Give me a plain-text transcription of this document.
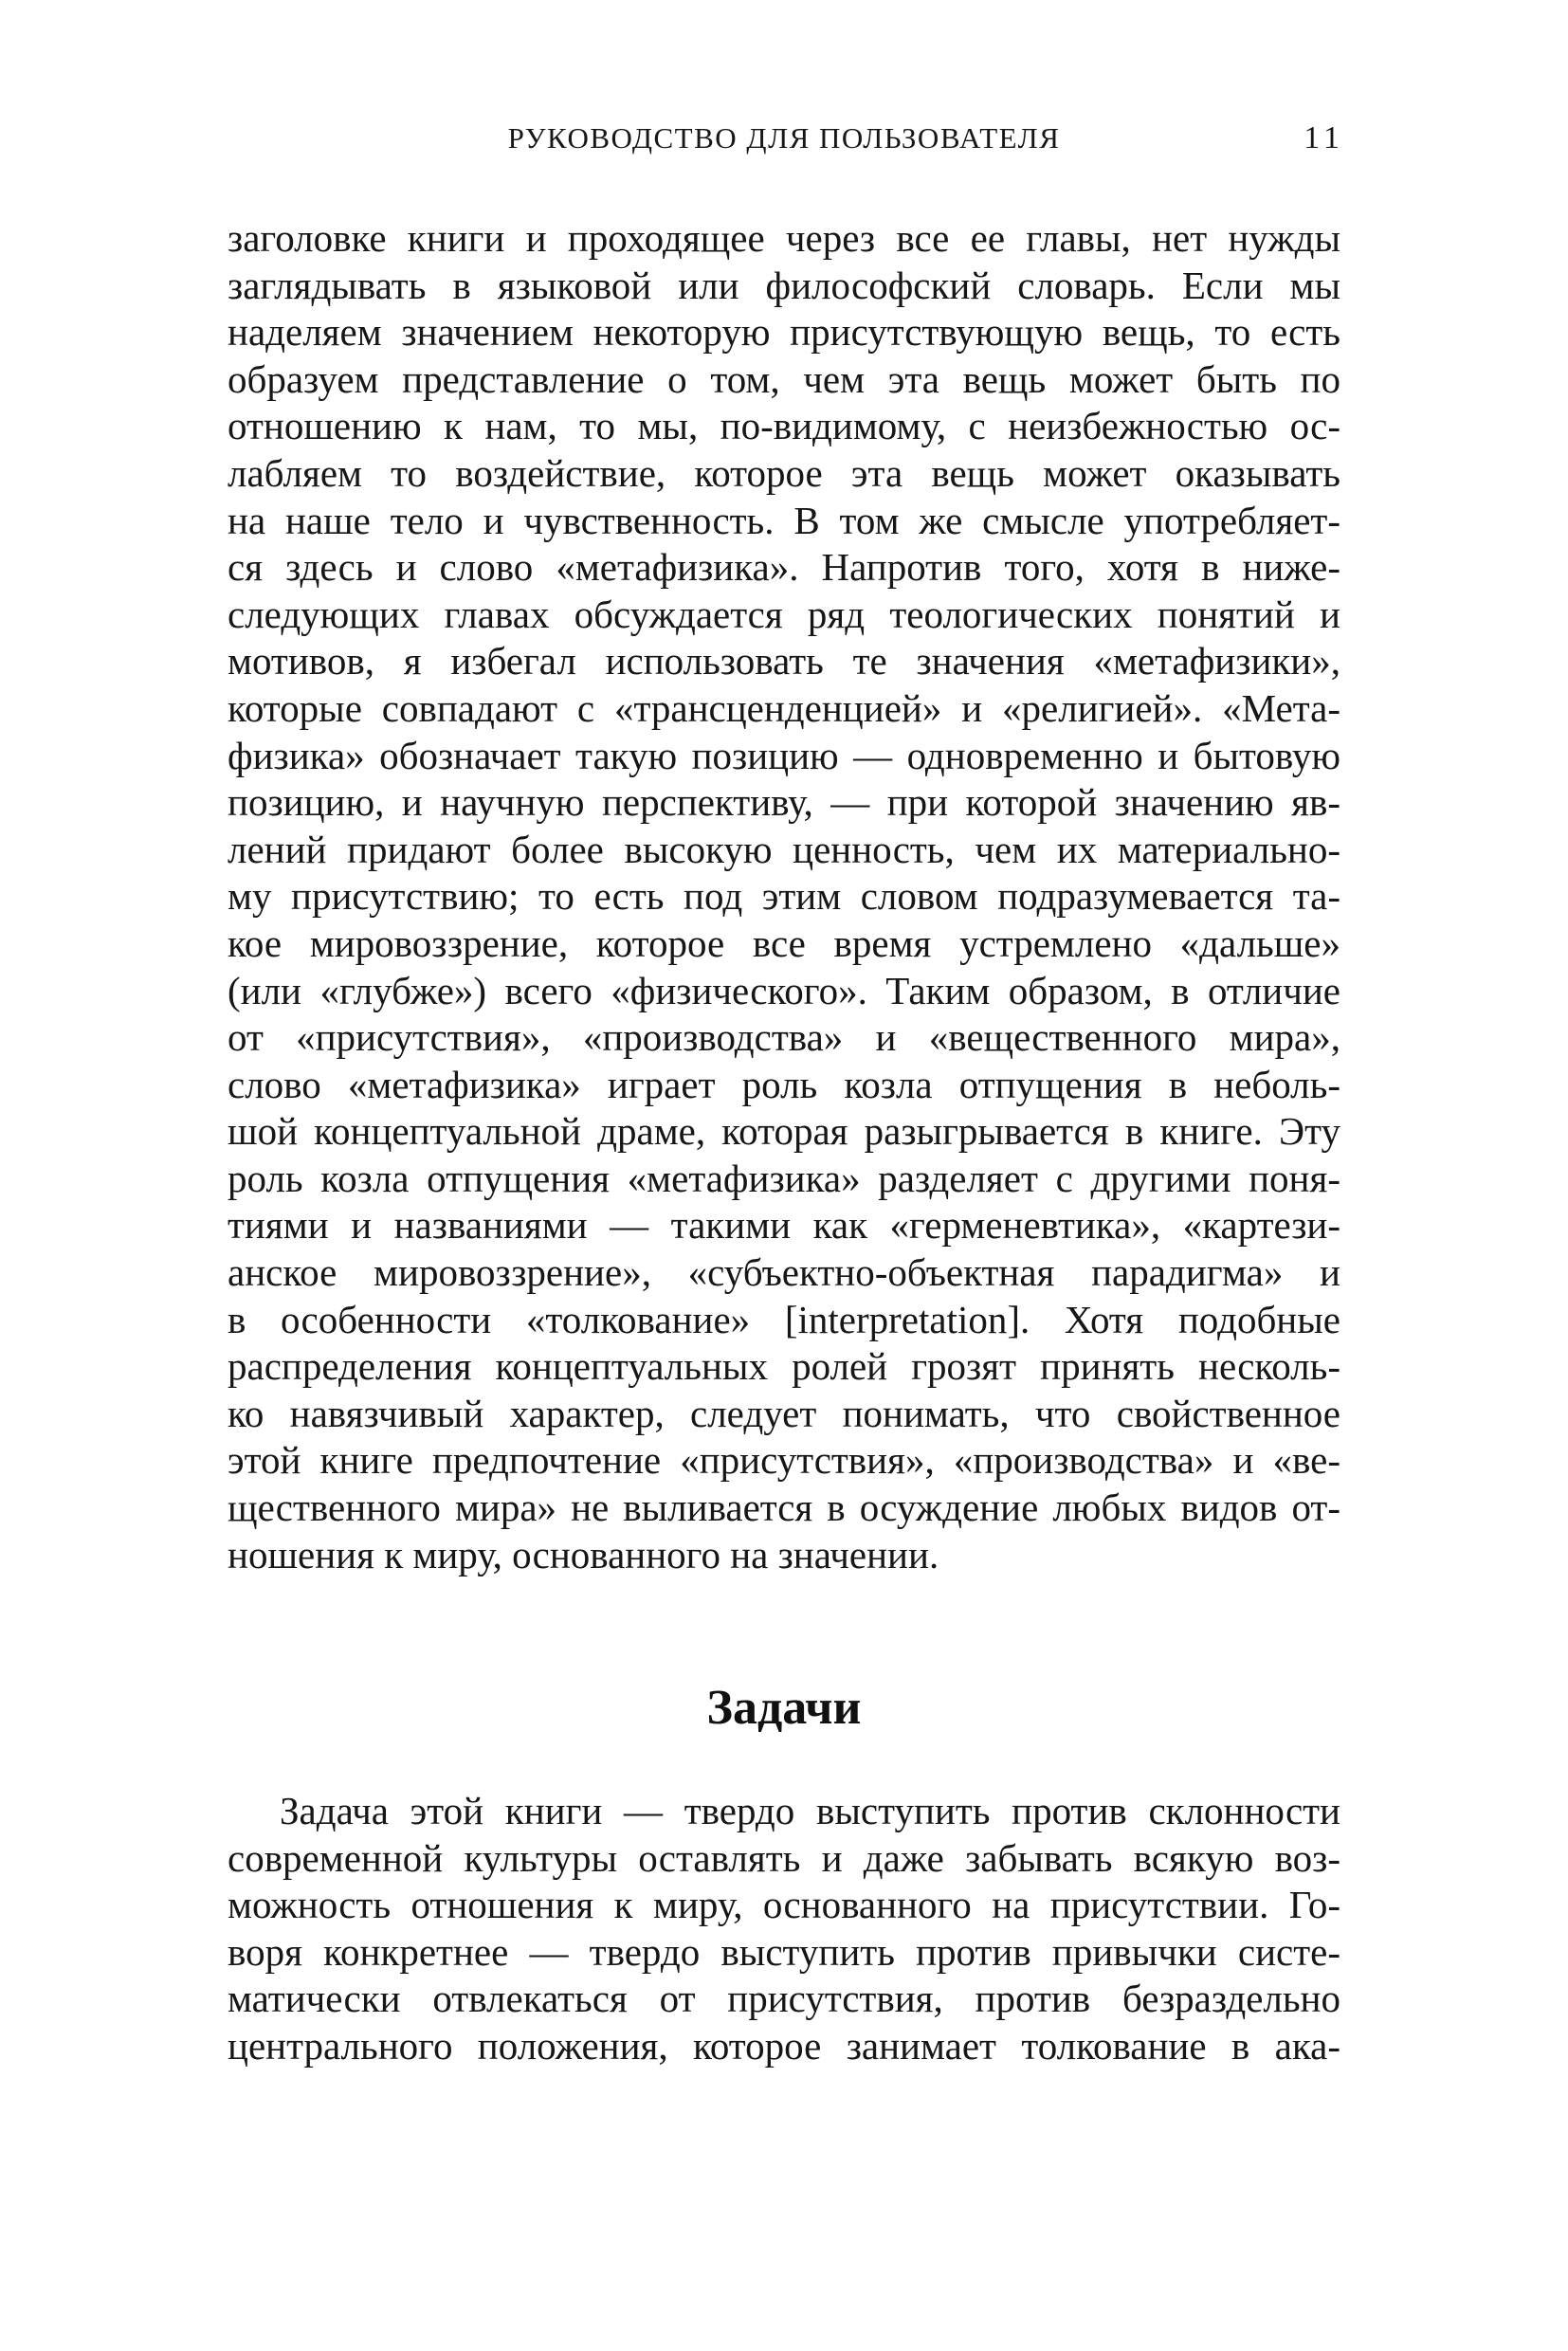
РУКОВОДСТВО ДЛЯ ПОЛЬЗОВАТЕЛЯ	11
заголовке книги и проходящее через все ее главы, нет нужды
заглядывать в языковой или философский словарь. Если мы
наделяем значением некоторую присутствующую вещь, то есть
образуем представление о том, чем эта вещь может быть по
отношению к нам, то мы, по-видимому, с неизбежностью ос-
лабляем то воздействие, которое эта вещь может оказывать
на наше тело и чувственность. В том же смысле употребляет-
ся здесь и слово «метафизика». Напротив того, хотя в ниже-
следующих главах обсуждается ряд теологических понятий и
мотивов, я избегал использовать те значения «метафизики»,
которые совпадают с «трансценденцией» и «религией». «Мета-
физика» обозначает такую позицию — одновременно и бытовую
позицию, и научную перспективу, — при которой значению яв-
лений придают более высокую ценность, чем их материально-
му присутствию; то есть под этим словом подразумевается та-
кое мировоззрение, которое все время устремлено «дальше»
(или «глубже») всего «физического». Таким образом, в отличие
от «присутствия», «производства» и «вещественного мира»,
слово «метафизика» играет роль козла отпущения в неболь-
шой концептуальной драме, которая разыгрывается в книге. Эту
роль козла отпущения «метафизика» разделяет с другими поня-
тиями и названиями — такими как «герменевтика», «картези-
анское мировоззрение», «субъектно-объектная парадигма» и
в особенности «толкование» [interpretation]. Хотя подобные
распределения концептуальных ролей грозят принять несколь-
ко навязчивый характер, следует понимать, что свойственное
этой книге предпочтение «присутствия», «производства» и «ве-
щественного мира» не выливается в осуждение любых видов от-
ношения к миру, основанного на значении.
Задачи
Задача этой книги — твердо выступить против склонности
современной культуры оставлять и даже забывать всякую воз-
можность отношения к миру, основанного на присутствии. Го-
воря конкретнее — твердо выступить против привычки систе-
матически отвлекаться от присутствия, против безраздельно
центрального положения, которое занимает толкование в ака-
